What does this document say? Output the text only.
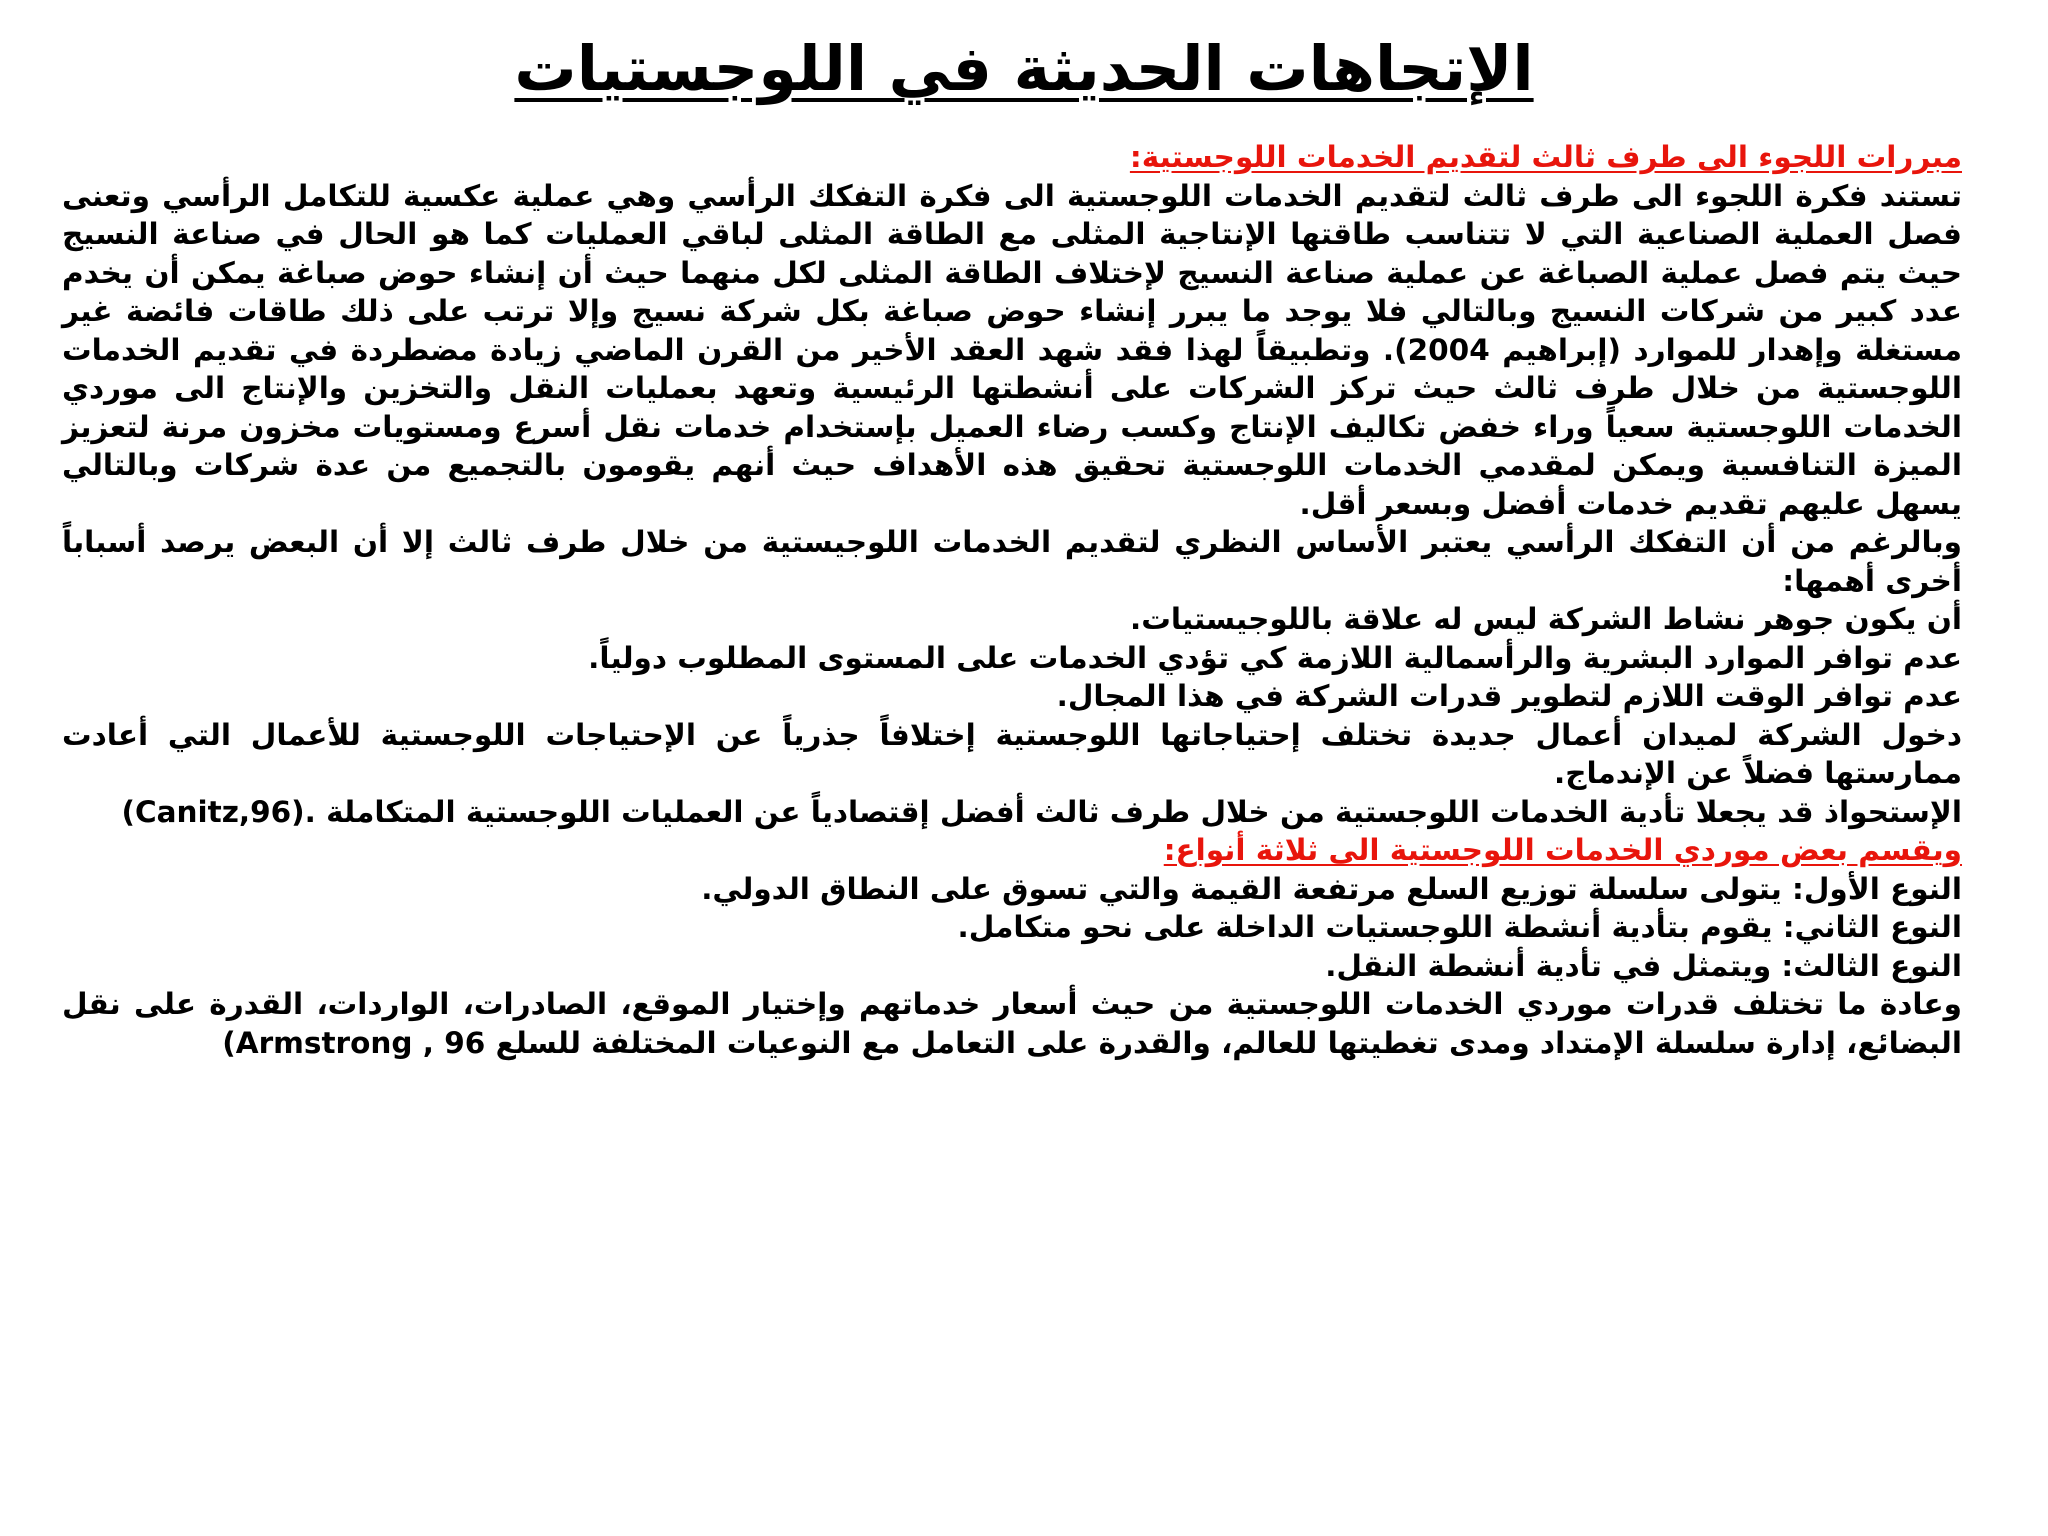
الإتجاهات الحديثة في اللوجستيات

مبررات اللجوء الى طرف ثالث لتقديم الخدمات اللوجستية:

تستند فكرة اللجوء الى طرف ثالث لتقديم الخدمات اللوجستية الى فكرة التفكك الرأسي وهي عملية عكسية للتكامل الرأسي وتعنى فصل العملية الصناعية التي لا تتناسب طاقتها الإنتاجية المثلى مع الطاقة المثلى لباقي العمليات كما هو الحال في صناعة النسيج حيث يتم فصل عملية الصباغة عن عملية صناعة النسيج لإختلاف الطاقة المثلى لكل منهما حيث أن إنشاء حوض صباغة يمكن أن يخدم عدد كبير من شركات النسيج وبالتالي فلا يوجد ما يبرر إنشاء حوض صباغة بكل شركة نسيج وإلا ترتب على ذلك طاقات فائضة غير مستغلة وإهدار للموارد (إبراهيم 2004). وتطبيقاً لهذا فقد شهد العقد الأخير من القرن الماضي زيادة مضطردة في تقديم الخدمات اللوجستية من خلال طرف ثالث حيث تركز الشركات على أنشطتها الرئيسية وتعهد بعمليات النقل والتخزين والإنتاج الى موردي الخدمات اللوجستية سعياً وراء خفض تكاليف الإنتاج وكسب رضاء العميل بإستخدام خدمات نقل أسرع ومستويات مخزون مرنة لتعزيز الميزة التنافسية ويمكن لمقدمي الخدمات اللوجستية تحقيق هذه الأهداف حيث أنهم يقومون بالتجميع من عدة شركات وبالتالي يسهل عليهم تقديم خدمات أفضل وبسعر أقل.

وبالرغم من أن التفكك الرأسي يعتبر الأساس النظري لتقديم الخدمات اللوجيستية من خلال طرف ثالث إلا أن البعض يرصد أسباباً أخرى أهمها:

أن يكون جوهر نشاط الشركة ليس له علاقة باللوجيستيات.

عدم توافر الموارد البشرية والرأسمالية اللازمة كي تؤدي الخدمات على المستوى المطلوب دولياً.

عدم توافر الوقت اللازم لتطوير قدرات الشركة في هذا المجال.

دخول الشركة لميدان أعمال جديدة تختلف إحتياجاتها اللوجستية إختلافاً جذرياً عن الإحتياجات اللوجستية للأعمال التي أعادت ممارستها فضلاً عن الإندماج.

الإستحواذ قد يجعلا تأدية الخدمات اللوجستية من خلال طرف ثالث أفضل إقتصادياً عن العمليات اللوجستية المتكاملة (Canitz,96).

ويقسم بعض موردي الخدمات اللوجستية الى ثلاثة أنواع:

النوع الأول: يتولى سلسلة توزيع السلع مرتفعة القيمة والتي تسوق على النطاق الدولي.

النوع الثاني: يقوم بتأدية أنشطة اللوجستيات الداخلة على نحو متكامل.

النوع الثالث: ويتمثل في تأدية أنشطة النقل.

وعادة ما تختلف قدرات موردي الخدمات اللوجستية من حيث أسعار خدماتهم وإختيار الموقع، الصادرات، الواردات، القدرة على نقل البضائع، إدارة سلسلة الإمتداد ومدى تغطيتها للعالم، والقدرة على التعامل مع النوعيات المختلفة للسلع (Armstrong , 96
